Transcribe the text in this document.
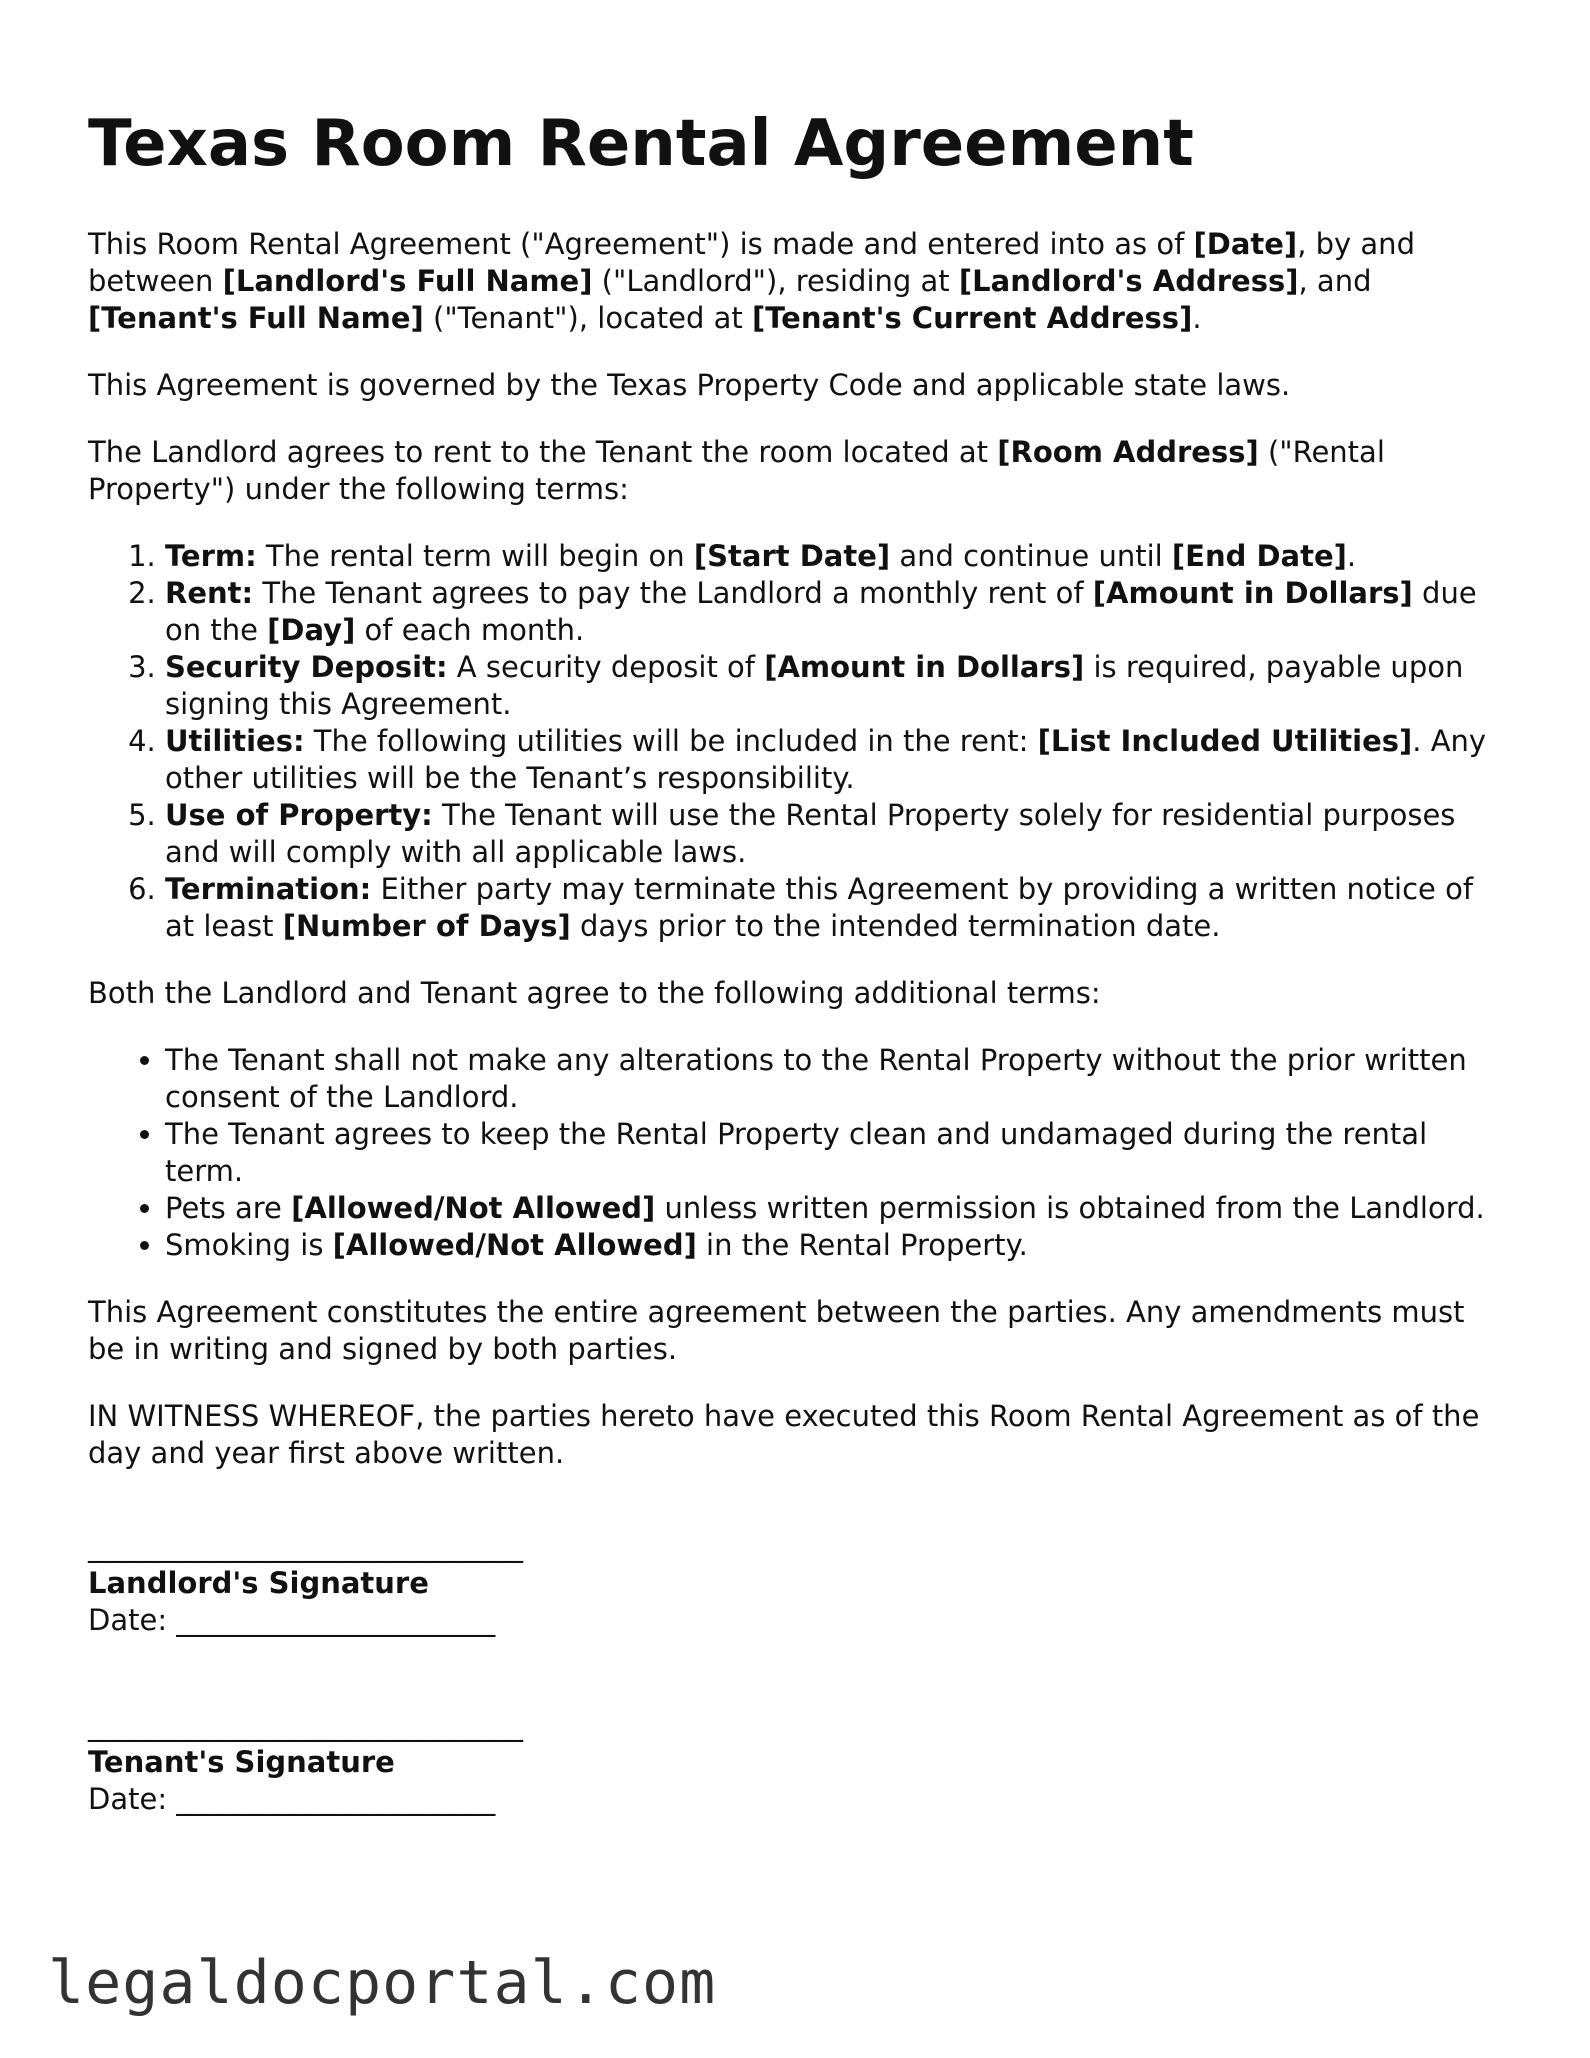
Texas Room Rental Agreement

This Room Rental Agreement ("Agreement") is made and entered into as of [Date], by and between [Landlord's Full Name] ("Landlord"), residing at [Landlord's Address], and [Tenant's Full Name] ("Tenant"), located at [Tenant's Current Address].

This Agreement is governed by the Texas Property Code and applicable state laws.

The Landlord agrees to rent to the Tenant the room located at [Room Address] ("Rental Property") under the following terms:

1. Term: The rental term will begin on [Start Date] and continue until [End Date].
2. Rent: The Tenant agrees to pay the Landlord a monthly rent of [Amount in Dollars] due on the [Day] of each month.
3. Security Deposit: A security deposit of [Amount in Dollars] is required, payable upon signing this Agreement.
4. Utilities: The following utilities will be included in the rent: [List Included Utilities]. Any other utilities will be the Tenant’s responsibility.
5. Use of Property: The Tenant will use the Rental Property solely for residential purposes and will comply with all applicable laws.
6. Termination: Either party may terminate this Agreement by providing a written notice of at least [Number of Days] days prior to the intended termination date.

Both the Landlord and Tenant agree to the following additional terms:

• The Tenant shall not make any alterations to the Rental Property without the prior written consent of the Landlord.
• The Tenant agrees to keep the Rental Property clean and undamaged during the rental term.
• Pets are [Allowed/Not Allowed] unless written permission is obtained from the Landlord.
• Smoking is [Allowed/Not Allowed] in the Rental Property.

This Agreement constitutes the entire agreement between the parties. Any amendments must be in writing and signed by both parties.

IN WITNESS WHEREOF, the parties hereto have executed this Room Rental Agreement as of the day and year first above written.

______________________________
Landlord's Signature
Date: ______________________
______________________________
Tenant's Signature
Date: ______________________
legaldocportal.com
